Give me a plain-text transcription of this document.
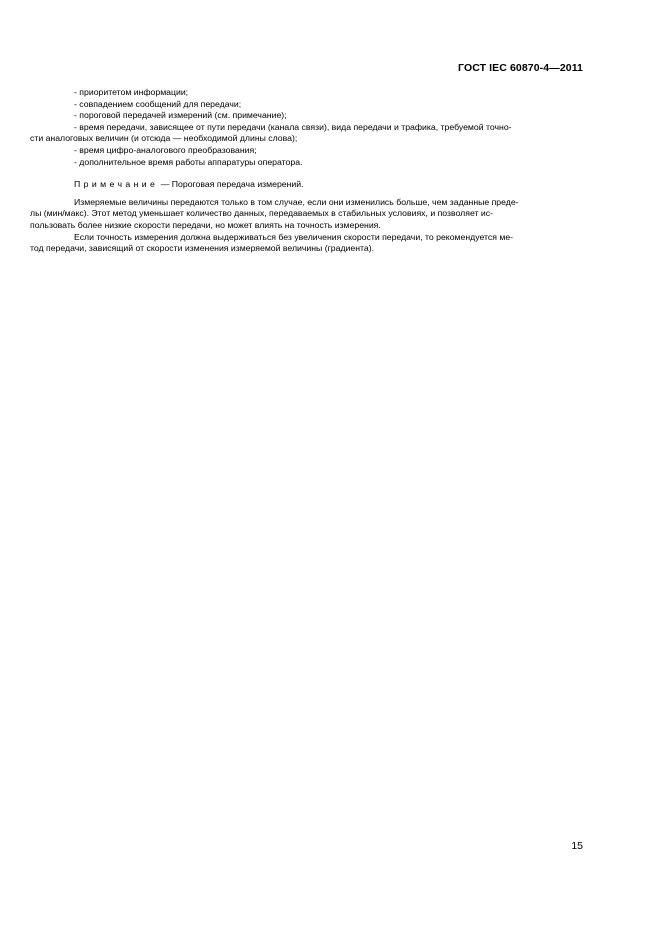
ГОСТ IEC 60870-4—2011

- приоритетом информации;

- совпадением сообщений для передачи;

- пороговой передачей измерений (см. примечание);

- время передачи, зависящее от пути передачи (канала связи), вида передачи и трафика, требуемой точно-

сти аналоговых величин (и отсюда — необходимой длины слова);

- время цифро-аналогового преобразования;

- дополнительное время работы аппаратуры оператора.

Примечание — Пороговая передача измерений.

Измеряемые величины передаются только в том случае, если они изменились больше, чем заданные преде-

лы (мин/макс). Этот метод уменьшает количество данных, передаваемых в стабильных условиях, и позволяет ис-

пользовать более низкие скорости передачи, но может влиять на точность измерения.

Если точность измерения должна выдерживаться без увеличения скорости передачи, то рекомендуется ме-

тод передачи, зависящий от скорости изменения измеряемой величины (градиента).

15
